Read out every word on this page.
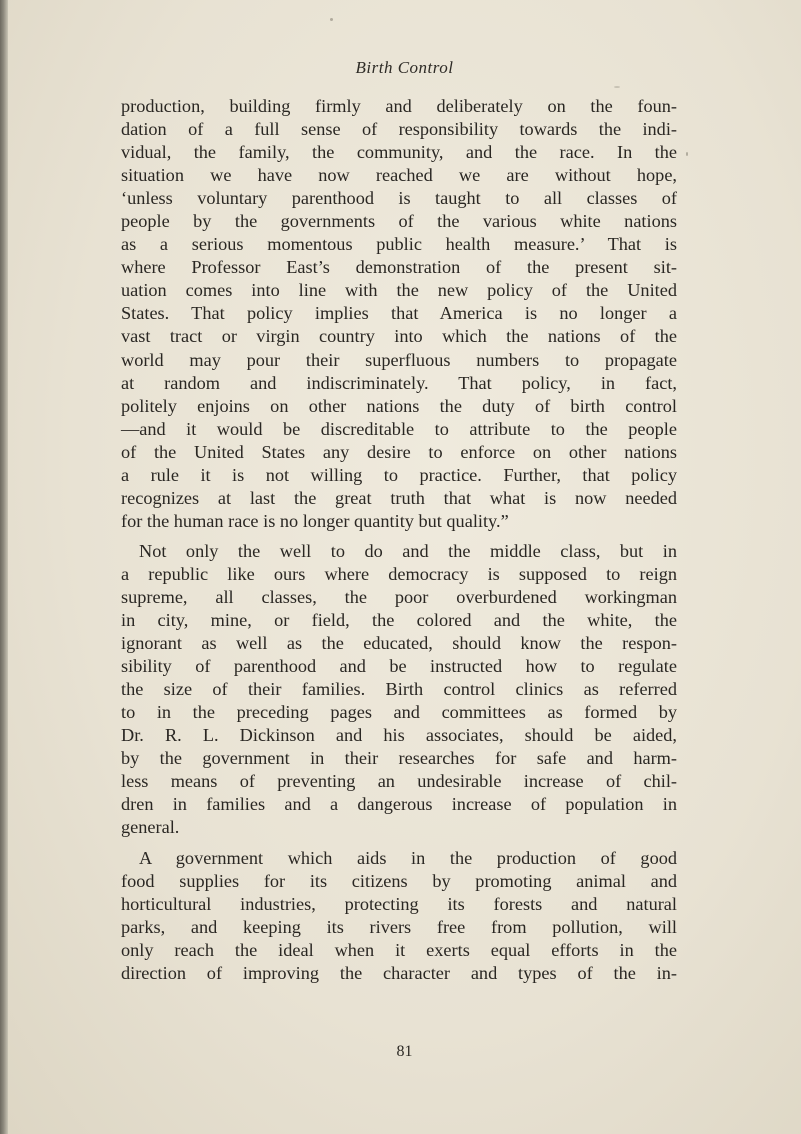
Birth Control
production, building firmly and deliberately on the foun-
dation of a full sense of responsibility towards the indi-
vidual, the family, the community, and the race. In the
situation we have now reached we are without hope,
‘unless voluntary parenthood is taught to all classes of
people by the governments of the various white nations
as a serious momentous public health measure.’ That is
where Professor East’s demonstration of the present sit-
uation comes into line with the new policy of the United
States. That policy implies that America is no longer a
vast tract or virgin country into which the nations of the
world may pour their superfluous numbers to propagate
at random and indiscriminately. That policy, in fact,
politely enjoins on other nations the duty of birth control
—and it would be discreditable to attribute to the people
of the United States any desire to enforce on other nations
a rule it is not willing to practice. Further, that policy
recognizes at last the great truth that what is now needed
for the human race is no longer quantity but quality.”
Not only the well to do and the middle class, but in
a republic like ours where democracy is supposed to reign
supreme, all classes, the poor overburdened workingman
in city, mine, or field, the colored and the white, the
ignorant as well as the educated, should know the respon-
sibility of parenthood and be instructed how to regulate
the size of their families. Birth control clinics as referred
to in the preceding pages and committees as formed by
Dr. R. L. Dickinson and his associates, should be aided,
by the government in their researches for safe and harm-
less means of preventing an undesirable increase of chil-
dren in families and a dangerous increase of population in
general.
A government which aids in the production of good
food supplies for its citizens by promoting animal and
horticultural industries, protecting its forests and natural
parks, and keeping its rivers free from pollution, will
only reach the ideal when it exerts equal efforts in the
direction of improving the character and types of the in-
81
